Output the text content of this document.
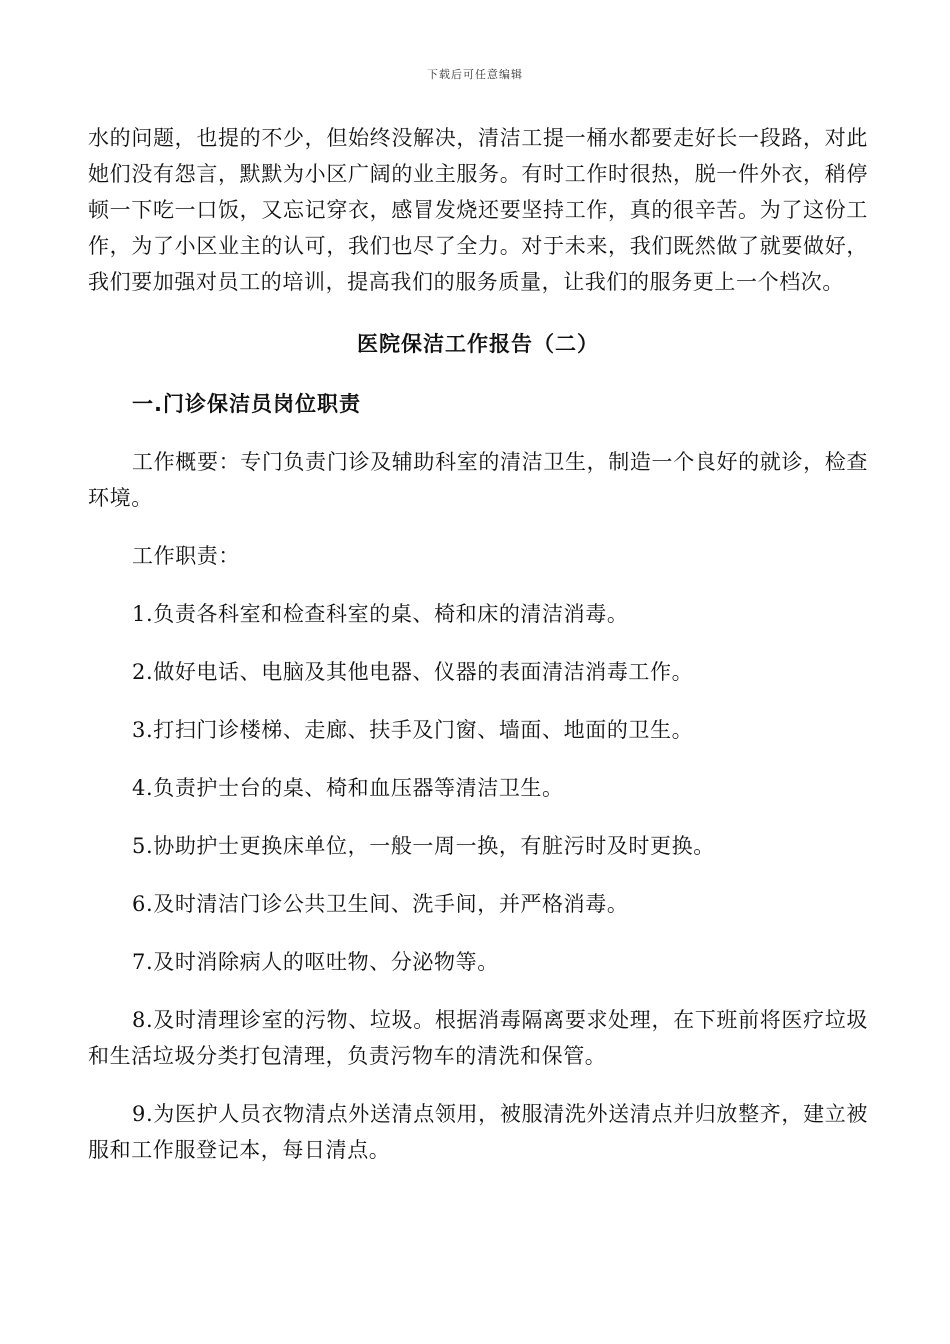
下载后可任意编辑

水的问题，也提的不少，但始终没解决，清洁工提一桶水都要走好长一段路，对此她们没有怨言，默默为小区广阔的业主服务。有时工作时很热，脱一件外衣，稍停顿一下吃一口饭，又忘记穿衣，感冒发烧还要坚持工作，真的很辛苦。为了这份工作，为了小区业主的认可，我们也尽了全力。对于未来，我们既然做了就要做好，我们要加强对员工的培训，提高我们的服务质量，让我们的服务更上一个档次。

医院保洁工作报告（二）
一.门诊保洁员岗位职责

工作概要：专门负责门诊及辅助科室的清洁卫生，制造一个良好的就诊，检查环境。

工作职责：

1.负责各科室和检查科室的桌、椅和床的清洁消毒。

2.做好电话、电脑及其他电器、仪器的表面清洁消毒工作。

3.打扫门诊楼梯、走廊、扶手及门窗、墙面、地面的卫生。

4.负责护士台的桌、椅和血压器等清洁卫生。

5.协助护士更换床单位，一般一周一换，有脏污时及时更换。

6.及时清洁门诊公共卫生间、洗手间，并严格消毒。

7.及时消除病人的呕吐物、分泌物等。

8.及时清理诊室的污物、垃圾。根据消毒隔离要求处理，在下班前将医疗垃圾和生活垃圾分类打包清理，负责污物车的清洗和保管。

9.为医护人员衣物清点外送清点领用，被服清洗外送清点并归放整齐，建立被服和工作服登记本，每日清点。
